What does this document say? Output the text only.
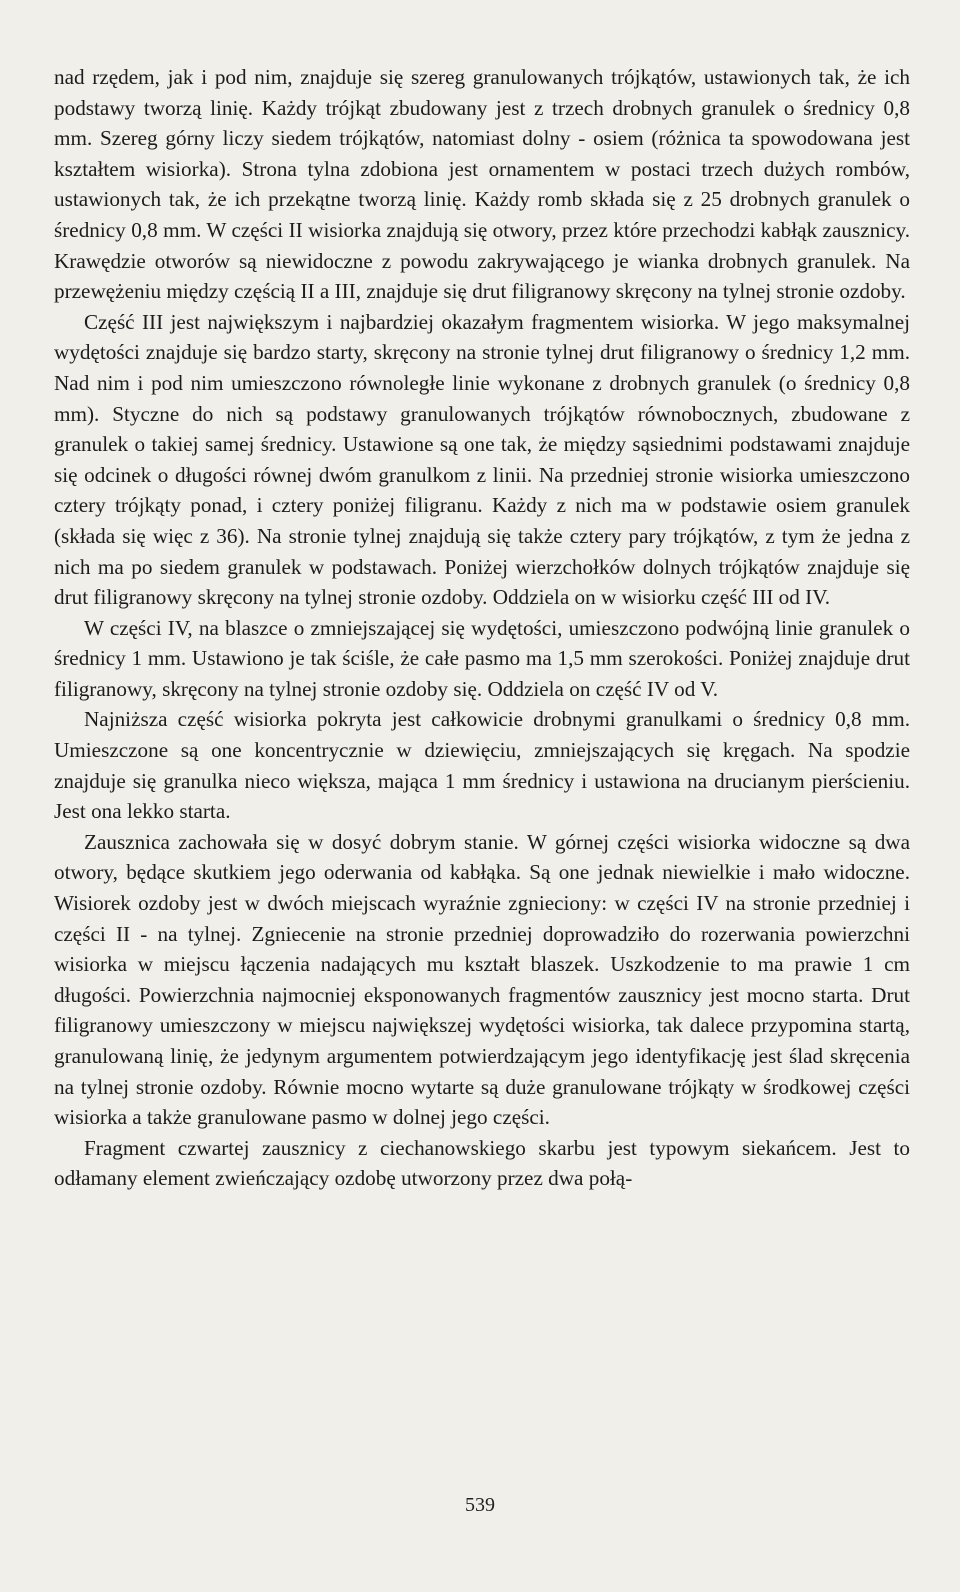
nad rzędem, jak i pod nim, znajduje się szereg granulowanych trójkątów, ustawionych tak, że ich podstawy tworzą linię. Każdy trójkąt zbudowany jest z trzech drobnych granulek o średnicy 0,8 mm. Szereg górny liczy siedem trójkątów, natomiast dolny - osiem (różnica ta spowodowana jest kształtem wisiorka). Strona tylna zdobiona jest ornamentem w postaci trzech dużych rombów, ustawionych tak, że ich przekątne tworzą linię. Każdy romb składa się z 25 drobnych granulek o średnicy 0,8 mm. W części II wisiorka znajdują się otwory, przez które przechodzi kabłąk zausznicy. Krawędzie otworów są niewidoczne z powodu zakrywającego je wianka drobnych granulek. Na przewężeniu między częścią II a III, znajduje się drut filigranowy skręcony na tylnej stronie ozdoby.

Część III jest największym i najbardziej okazałym fragmentem wisiorka. W jego maksymalnej wydętości znajduje się bardzo starty, skręcony na stronie tylnej drut filigranowy o średnicy 1,2 mm. Nad nim i pod nim umieszczono równoległe linie wykonane z drobnych granulek (o średnicy 0,8 mm). Styczne do nich są podstawy granulowanych trójkątów równobocznych, zbudowane z granulek o takiej samej średnicy. Ustawione są one tak, że między sąsiednimi podstawami znajduje się odcinek o długości równej dwóm granulkom z linii. Na przedniej stronie wisiorka umieszczono cztery trójkąty ponad, i cztery poniżej filigranu. Każdy z nich ma w podstawie osiem granulek (składa się więc z 36). Na stronie tylnej znajdują się także cztery pary trójkątów, z tym że jedna z nich ma po siedem granulek w podstawach. Poniżej wierzchołków dolnych trójkątów znajduje się drut filigranowy skręcony na tylnej stronie ozdoby. Oddziela on w wisiorku część III od IV.

W części IV, na blaszce o zmniejszającej się wydętości, umieszczono podwójną linie granulek o średnicy 1 mm. Ustawiono je tak ściśle, że całe pasmo ma 1,5 mm szerokości. Poniżej znajduje drut filigranowy, skręcony na tylnej stronie ozdoby się. Oddziela on część IV od V.

Najniższa część wisiorka pokryta jest całkowicie drobnymi granulkami o średnicy 0,8 mm. Umieszczone są one koncentrycznie w dziewięciu, zmniejszających się kręgach. Na spodzie znajduje się granulka nieco większa, mająca 1 mm średnicy i ustawiona na drucianym pierścieniu. Jest ona lekko starta.

Zausznica zachowała się w dosyć dobrym stanie. W górnej części wisiorka widoczne są dwa otwory, będące skutkiem jego oderwania od kabłąka. Są one jednak niewielkie i mało widoczne. Wisiorek ozdoby jest w dwóch miejscach wyraźnie zgnieciony: w części IV na stronie przedniej i części II - na tylnej. Zgniecenie na stronie przedniej doprowadziło do rozerwania powierzchni wisiorka w miejscu łączenia nadających mu kształt blaszek. Uszkodzenie to ma prawie 1 cm długości. Powierzchnia najmocniej eksponowanych fragmentów zausznicy jest mocno starta. Drut filigranowy umieszczony w miejscu największej wydętości wisiorka, tak dalece przypomina startą, granulowaną linię, że jedynym argumentem potwierdzającym jego identyfikację jest ślad skręcenia na tylnej stronie ozdoby. Równie mocno wytarte są duże granulowane trójkąty w środkowej części wisiorka a także granulowane pasmo w dolnej jego części.

Fragment czwartej zausznicy z ciechanowskiego skarbu jest typowym siekańcem. Jest to odłamany element zwieńczający ozdobę utworzony przez dwa połą-

539
